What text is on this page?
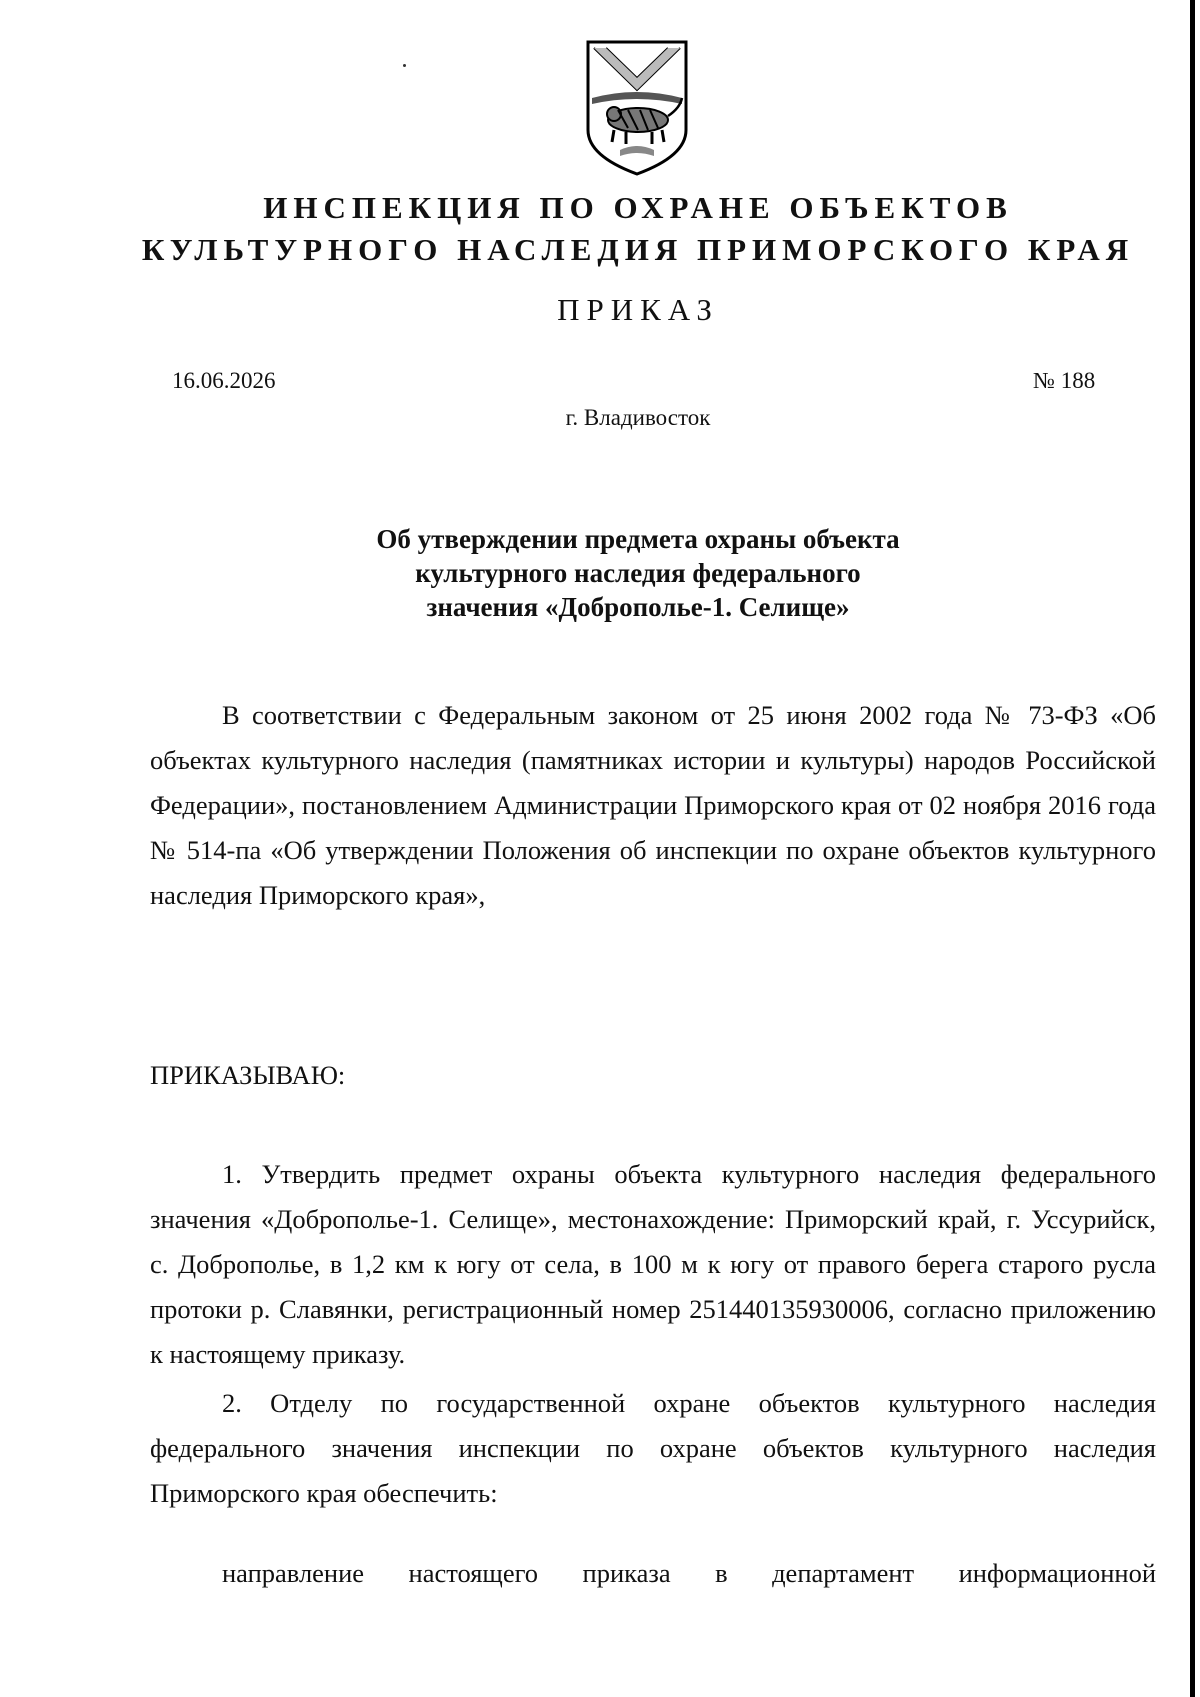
ИНСПЕКЦИЯ ПО ОХРАНЕ ОБЪЕКТОВ
КУЛЬТУРНОГО НАСЛЕДИЯ ПРИМОРСКОГО КРАЯ
ПРИКАЗ
16.06.2026	№ 188
г. Владивосток
Об утверждении предмета охраны объекта
культурного наследия федерального
значения «Доброполье-1. Селище»

В соответствии с Федеральным законом от 25 июня 2002 года № 73-ФЗ «Об объектах культурного наследия (памятниках истории и культуры) народов Российской Федерации», постановлением Администрации Приморского края от 02 ноября 2016 года № 514-па «Об утверждении Положения об инспекции по охране объектов культурного наследия Приморского края»,

ПРИКАЗЫВАЮ:

1. Утвердить предмет охраны объекта культурного наследия федерального значения «Доброполье-1. Селище», местонахождение: Приморский край, г. Уссурийск, с. Доброполье, в 1,2 км к югу от села, в 100 м к югу от правого берега старого русла протоки р. Славянки, регистрационный номер 251440135930006, согласно приложению к настоящему приказу.

2. Отделу по государственной охране объектов культурного наследия федерального значения инспекции по охране объектов культурного наследия Приморского края обеспечить:

направление настоящего приказа в департамент информационной
